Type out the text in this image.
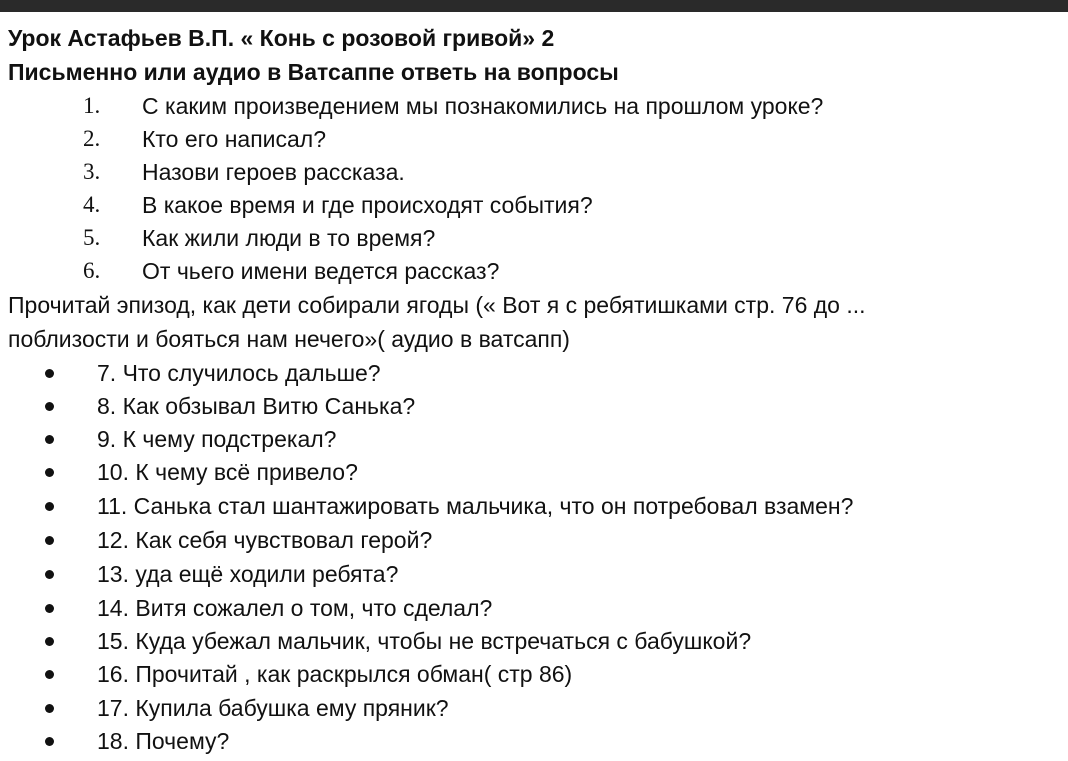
Урок Астафьев В.П. « Конь с розовой гривой» 2
Письменно или аудио в Ватсаппе ответь на вопросы
1. С каким произведением мы познакомились на прошлом уроке?
2. Кто его написал?
3. Назови героев рассказа.
4. В какое время и где происходят события?
5. Как жили люди в то время?
6. От чьего имени ведется рассказ?
Прочитай эпизод, как дети собирали ягоды (« Вот я с ребятишками стр. 76 до ...
поблизости и бояться нам нечего»( аудио в ватсапп)
7. Что случилось дальше?
8. Как обзывал Витю Санька?
9. К чему подстрекал?
10. К чему всё привело?
11. Санька стал шантажировать мальчика, что он потребовал взамен?
12. Как себя чувствовал герой?
13. уда ещё ходили ребята?
14. Витя сожалел о том, что сделал?
15. Куда убежал мальчик, чтобы не встречаться с бабушкой?
16. Прочитай , как раскрылся обман( стр 86)
17. Купила бабушка ему пряник?
18. Почему?
